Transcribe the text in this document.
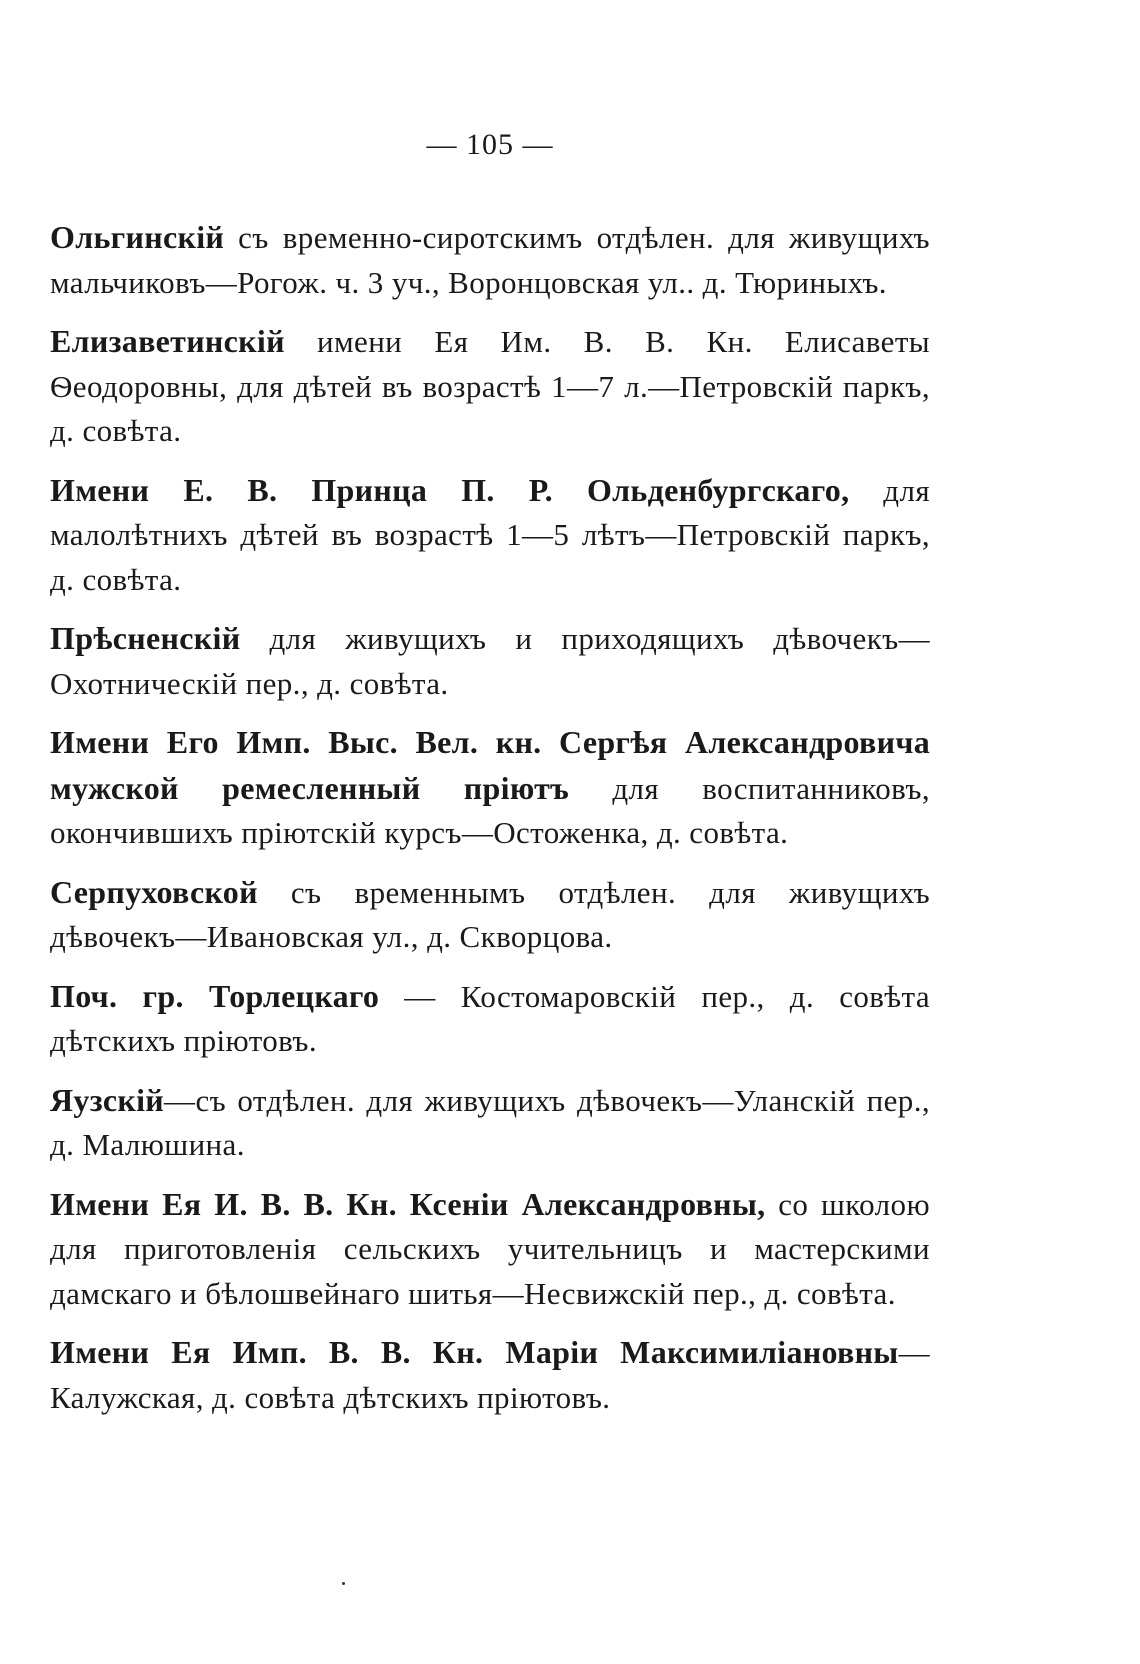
— 105 —

Ольгинскій съ временно-сиротскимъ отдѣлен. для живущихъ мальчиковъ—Рогож. ч. 3 уч., Воронцовская ул.. д. Тюриныхъ.

Елизаветинскій имени Ея Им. В. В. Кн. Елисаветы Ѳеодоровны, для дѣтей въ возрастѣ 1—7 л.—Петровскій паркъ, д. совѣта.

Имени Е. В. Принца П. Р. Ольденбургскаго, для малолѣтнихъ дѣтей въ возрастѣ 1—5 лѣтъ—Петровскій паркъ, д. совѣта.

Прѣсненскій для живущихъ и приходящихъ дѣвочекъ—Охотническій пер., д. совѣта.

Имени Его Имп. Выс. Вел. кн. Сергѣя Александровича мужской ремесленный пріютъ для воспитанниковъ, окончившихъ пріютскій курсъ—Остоженка, д. совѣта.

Серпуховской съ временнымъ отдѣлен. для живущихъ дѣвочекъ—Ивановская ул., д. Скворцова.

Поч. гр. Торлецкаго — Костомаровскій пер., д. совѣта дѣтскихъ пріютовъ.

Яузскій—съ отдѣлен. для живущихъ дѣвочекъ—Уланскій пер., д. Малюшина.

Имени Ея И. В. В. Кн. Ксеніи Александровны, со школою для приготовленія сельскихъ учительницъ и мастерскими дамскаго и бѣлошвейнаго шитья—Несвижскій пер., д. совѣта.

Имени Ея Имп. В. В. Кн. Маріи Максимиліановны—Калужская, д. совѣта дѣтскихъ пріютовъ.
